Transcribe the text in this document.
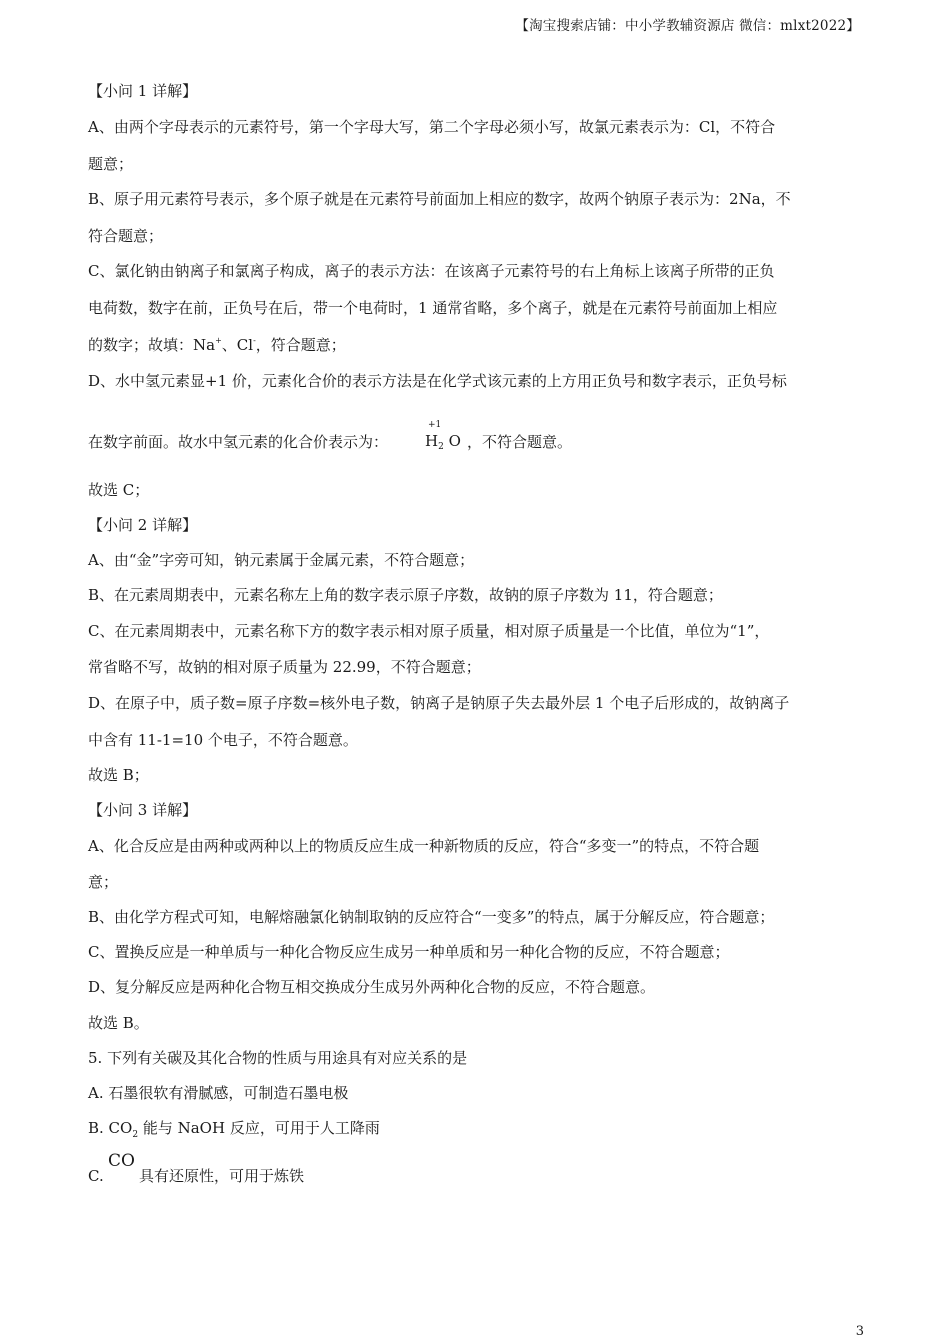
【淘宝搜索店铺：中小学教辅资源店 微信：mlxt2022】
【小问 1 详解】
A、由两个字母表示的元素符号，第一个字母大写，第二个字母必须小写，故氯元素表示为：Cl，不符合
题意；
B、原子用元素符号表示，多个原子就是在元素符号前面加上相应的数字，故两个钠原子表示为：2Na，不
符合题意；
C、氯化钠由钠离子和氯离子构成，离子的表示方法：在该离子元素符号的右上角标上该离子所带的正负
电荷数，数字在前，正负号在后，带一个电荷时，1 通常省略，多个离子，就是在元素符号前面加上相应
的数字；故填：Na+、Cl-，符合题意；
D、水中氢元素显+1 价，元素化合价的表示方法是在化学式该元素的上方用正负号和数字表示，正负号标
在数字前面。故水中氢元素的化合价表示为：
+1
$H_2$ O ，不符合题意。
故选 C；
【小问 2 详解】
A、由“金”字旁可知，钠元素属于金属元素，不符合题意；
B、在元素周期表中，元素名称左上角的数字表示原子序数，故钠的原子序数为 11，符合题意；
C、在元素周期表中，元素名称下方的数字表示相对原子质量，相对原子质量是一个比值，单位为“1”，
常省略不写，故钠的相对原子质量为 22.99，不符合题意；
D、在原子中，质子数=原子序数=核外电子数，钠离子是钠原子失去最外层 1 个电子后形成的，故钠离子
中含有 11-1=10 个电子，不符合题意。
故选 B；
【小问 3 详解】
A、化合反应是由两种或两种以上的物质反应生成一种新物质的反应，符合“多变一”的特点，不符合题
意；
B、由化学方程式可知，电解熔融氯化钠制取钠的反应符合“一变多”的特点，属于分解反应，符合题意；
C、置换反应是一种单质与一种化合物反应生成另一种单质和另一种化合物的反应，不符合题意；
D、复分解反应是两种化合物互相交换成分生成另外两种化合物的反应，不符合题意。
故选 B。
5. 下列有关碳及其化合物的性质与用途具有对应关系的是
A. 石墨很软有滑腻感，可制造石墨电极
B. $CO_2$ 能与 NaOH 反应，可用于人工降雨
C.
CO
具有还原性，可用于炼铁
3
